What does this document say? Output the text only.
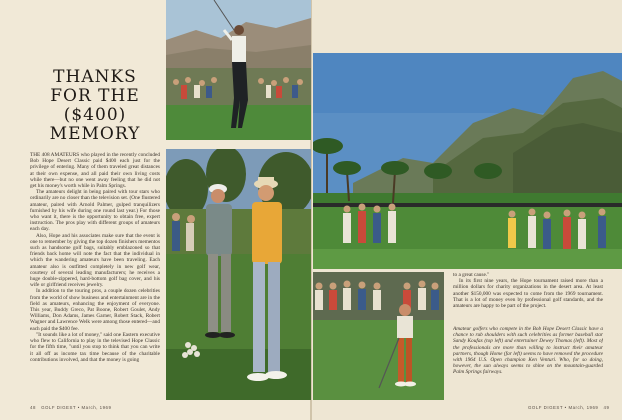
THANKS
FOR THE
($400)
MEMORY

THE 408 AMATEURS who played in the recently concluded Bob Hope Desert Classic paid $400 each just for the privilege of entering. Many of them traveled great distances at their own expense, and all paid their own living costs while there—but no one went away feeling that he did not get his money's worth while in Palm Springs.

The amateurs delight in being paired with tour stars who ordinarily are no closer than the television set. (One flustered amateur, paired with Arnold Palmer, gulped tranquilizers furnished by his wife during one round last year.) For those who want it, there is the opportunity to obtain free, expert instruction. The pros play with different groups of amateurs each day.

Also, Hope and his associates make sure that the event is one to remember by giving the top dozen finishers mementos such as handsome golf bags, suitably emblazoned so that friends back home will note the fact that the individual in which the wandering amateurs have been traveling. Each amateur also is outfitted completely in new golf wear, courtesy of several leading manufacturers; he receives a huge double-zippered, hard-bottom golf bag cover, and his wife or girlfriend receives jewelry.

In addition to the touring pros, a couple dozen celebrities from the world of show business and entertainment are in the field as amateurs, enhancing the enjoyment of everyone. This year, Buddy Greco, Pat Boone, Robert Goulet, Andy Williams, Don Adams, James Garner, Robert Stack, Robert Wagner and Lawrence Welk were among those entered—and each paid the $400 fee.

"It sounds like a lot of money," said one Eastern executive who flew to California to play in the televised Hope Classic for the fifth time, "until you stop to think that you can write it all off as income tax time because of the charitable contributions involved, and that the money is going

to a great cause."

In its first nine years, the Hope tournament raised more than a million dollars for charity organizations in the desert area. At least another $150,000 was expected to come from the 1969 tournament. That is a lot of money even by professional golf standards, and the amateurs are happy to be part of the project.

Amateur golfers who compete in the Bob Hope Desert Classic have a chance to rub shoulders with such celebrities as former baseball star Sandy Koufax (top left) and entertainer Dewey Thomas (left). Most of the professionals are more than willing to instruct their amateur partners, though Home (far left) seems to have removed the procedure with 1964 U.S. Open champion Ken Venturi. Who, for so doing, however, the sun always seems to shine on the mountain-guarded Palm Springs fairways.
48 GOLF DIGEST • March, 1969	GOLF DIGEST • March, 1969 49
